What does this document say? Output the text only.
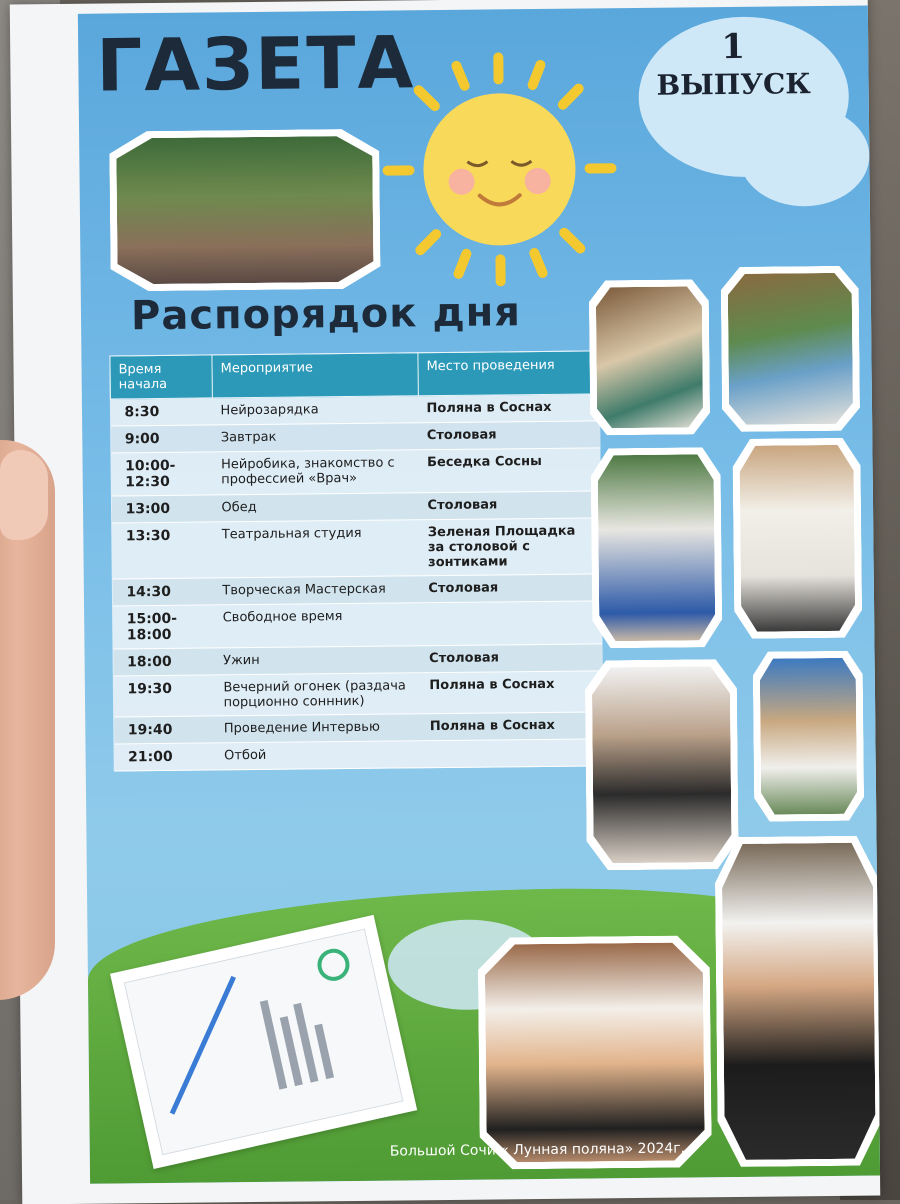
ГАЗЕТА	1
ВЫПУСК
Распорядок дня
Время начала	Мероприятие	Место проведения
8:30	Нейрозарядка	Поляна в Соснах
9:00	Завтрак	Столовая
10:00-12:30	Нейробика, знакомство с профессией «Врач»	Беседка Сосны
13:00	Обед	Столовая
13:30	Театральная студия	Зеленая Площадка за столовой с зонтиками
14:30	Творческая Мастерская	Столовая
15:00-18:00	Свободное время	
18:00	Ужин	Столовая
19:30	Вечерний огонек (раздача порционно соннник)	Поляна в Соснах
19:40	Проведение Интервью	Поляна в Соснах
21:00	Отбой	
Большой Сочи « Лунная поляна» 2024г.
